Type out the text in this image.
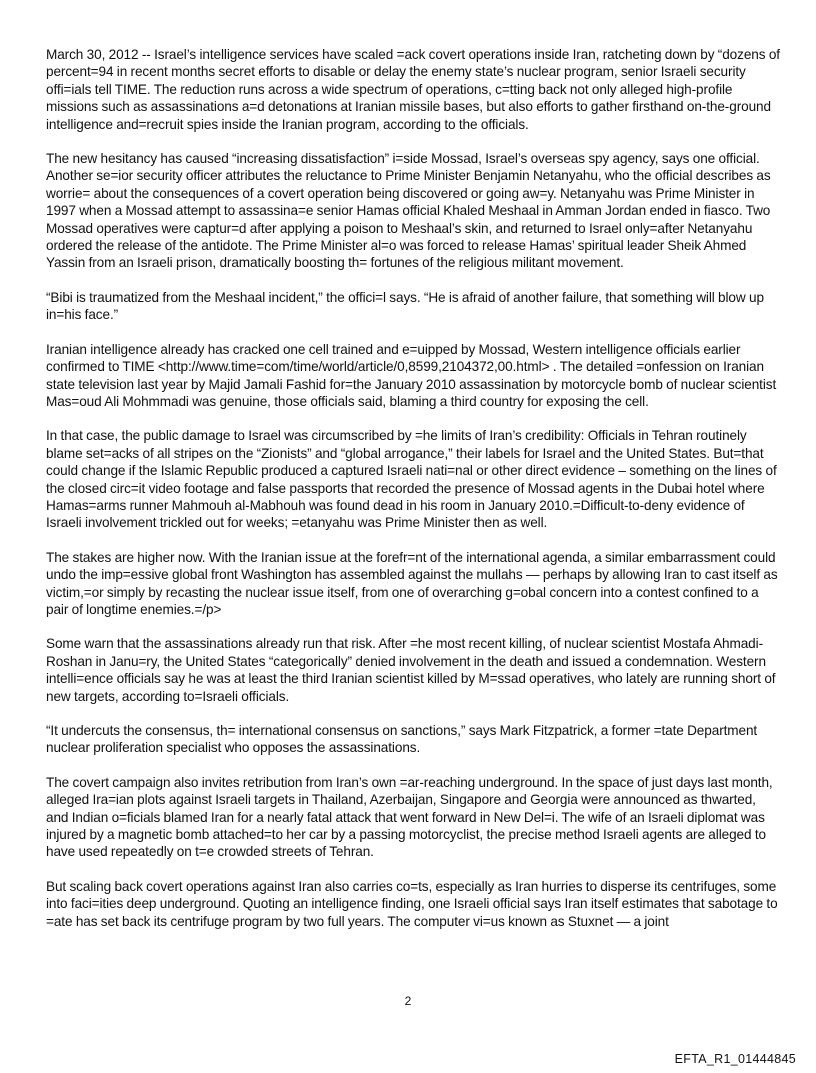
March 30, 2012 -- Israel’s intelligence services have scaled =ack covert operations inside Iran, ratcheting down by “dozens of percent=94 in recent months secret efforts to disable or delay the enemy state’s nuclear program, senior Israeli security offi=ials tell TIME. The reduction runs across a wide spectrum of operations, c=tting back not only alleged high-profile missions such as assassinations a=d detonations at Iranian missile bases, but also efforts to gather firsthand on-the-ground intelligence and=recruit spies inside the Iranian program, according to the officials.

The new hesitancy has caused “increasing dissatisfaction” i=side Mossad, Israel’s overseas spy agency, says one official. Another se=ior security officer attributes the reluctance to Prime Minister Benjamin Netanyahu, who the official describes as worrie= about the consequences of a covert operation being discovered or going aw=y. Netanyahu was Prime Minister in 1997 when a Mossad attempt to assassina=e senior Hamas official Khaled Meshaal in Amman Jordan ended in fiasco. Two Mossad operatives were captur=d after applying a poison to Meshaal’s skin, and returned to Israel only=after Netanyahu ordered the release of the antidote. The Prime Minister al=o was forced to release Hamas’ spiritual leader Sheik Ahmed Yassin from an Israeli prison, dramatically boosting th= fortunes of the religious militant movement.

“Bibi is traumatized from the Meshaal incident,” the offici=l says. “He is afraid of another failure, that something will blow up in=his face.”

Iranian intelligence already has cracked one cell trained and e=uipped by Mossad, Western intelligence officials earlier confirmed to TIME <http://www.time=com/time/world/article/0,8599,2104372,00.html> . The detailed =onfession on Iranian state television last year by Majid Jamali Fashid for=the January 2010 assassination by motorcycle bomb of nuclear scientist Mas=oud Ali Mohmmadi was genuine, those officials said, blaming a third country for exposing the cell.

In that case, the public damage to Israel was circumscribed by =he limits of Iran’s credibility: Officials in Tehran routinely blame set=acks of all stripes on the “Zionists” and “global arrogance,” their labels for Israel and the United States. But=that could change if the Islamic Republic produced a captured Israeli nati=nal or other direct evidence – something on the lines of the closed circ=it video footage and false passports that recorded the presence of Mossad agents in the Dubai hotel where Hamas=arms runner Mahmouh al-Mabhouh was found dead in his room in January 2010.=Difficult-to-deny evidence of Israeli involvement trickled out for weeks; =etanyahu was Prime Minister then as well.

The stakes are higher now. With the Iranian issue at the forefr=nt of the international agenda, a similar embarrassment could undo the imp=essive global front Washington has assembled against the mullahs — perhaps by allowing Iran to cast itself as victim,=or simply by recasting the nuclear issue itself, from one of overarching g=obal concern into a contest confined to a pair of longtime enemies.=/p>

Some warn that the assassinations already run that risk. After =he most recent killing, of nuclear scientist Mostafa Ahmadi-Roshan in Janu=ry, the United States “categorically” denied involvement in the death and issued a condemnation. Western intelli=ence officials say he was at least the third Iranian scientist killed by M=ssad operatives, who lately are running short of new targets, according to=Israeli officials.

“It undercuts the consensus, th= international consensus on sanctions,” says Mark Fitzpatrick, a former =tate Department nuclear proliferation specialist who opposes the assassinations.

The covert campaign also invites retribution from Iran’s own =ar-reaching underground. In the space of just days last month, alleged Ira=ian plots against Israeli targets in Thailand, Azerbaijan, Singapore and Georgia were announced as thwarted, and Indian o=ficials blamed Iran for a nearly fatal attack that went forward in New Del=i. The wife of an Israeli diplomat was injured by a magnetic bomb attached=to her car by a passing motorcyclist, the precise method Israeli agents are alleged to have used repeatedly on t=e crowded streets of Tehran.

But scaling back covert operations against Iran also carries co=ts, especially as Iran hurries to disperse its centrifuges, some into faci=ities deep underground. Quoting an intelligence finding, one Israeli official says Iran itself estimates that sabotage to =ate has set back its centrifuge program by two full years. The computer vi=us known as Stuxnet — a joint

2
EFTA_R1_01444845
